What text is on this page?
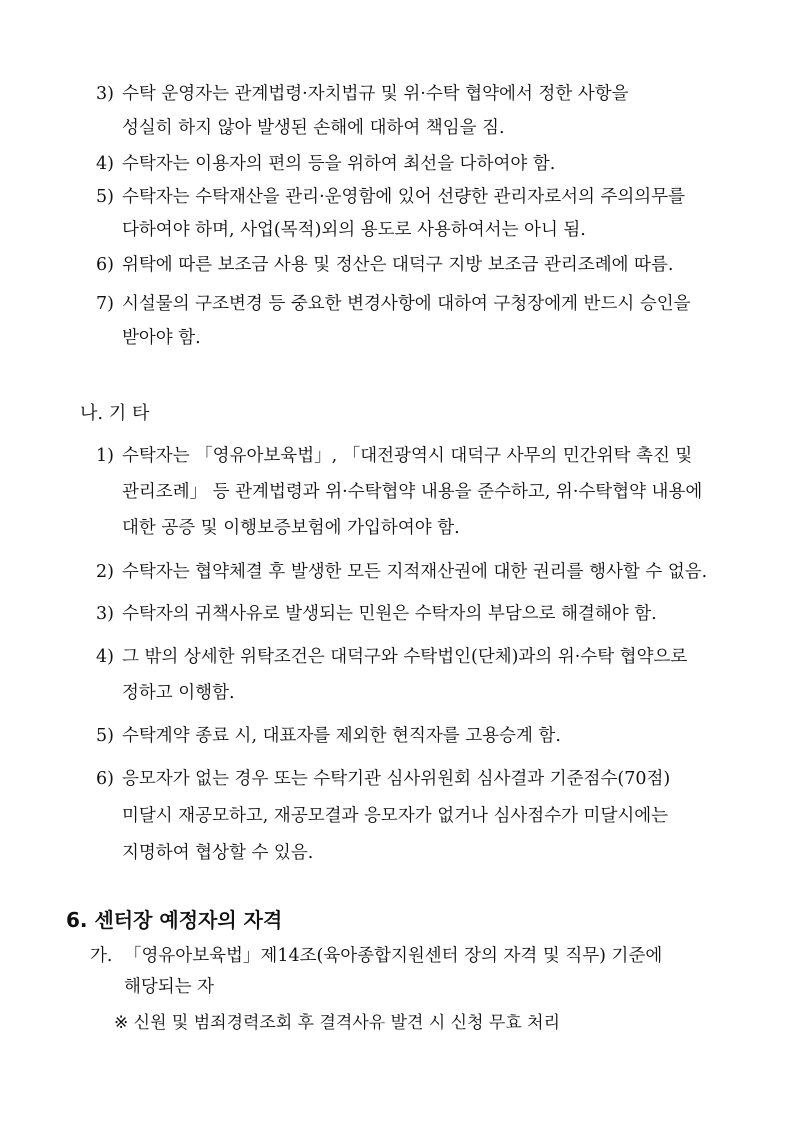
3) 수탁 운영자는 관계법령·자치법규 및 위·수탁 협약에서 정한 사항을
성실히 하지 않아 발생된 손해에 대하여 책임을 짐.
4) 수탁자는 이용자의 편의 등을 위하여 최선을 다하여야 함.
5) 수탁자는 수탁재산을 관리·운영함에 있어 선량한 관리자로서의 주의의무를
다하여야 하며, 사업(목적)외의 용도로 사용하여서는 아니 됨.
6) 위탁에 따른 보조금 사용 및 정산은 대덕구 지방 보조금 관리조례에 따름.
7) 시설물의 구조변경 등 중요한 변경사항에 대하여 구청장에게 반드시 승인을
받아야 함.
나. 기 타
1) 수탁자는 「영유아보육법」, 「대전광역시 대덕구 사무의 민간위탁 촉진 및
관리조례」 등 관계법령과 위·수탁협약 내용을 준수하고, 위·수탁협약 내용에
대한 공증 및 이행보증보험에 가입하여야 함.
2) 수탁자는 협약체결 후 발생한 모든 지적재산권에 대한 권리를 행사할 수 없음.
3) 수탁자의 귀책사유로 발생되는 민원은 수탁자의 부담으로 해결해야 함.
4) 그 밖의 상세한 위탁조건은 대덕구와 수탁법인(단체)과의 위·수탁 협약으로
정하고 이행함.
5) 수탁계약 종료 시, 대표자를 제외한 현직자를 고용승계 함.
6) 응모자가 없는 경우 또는 수탁기관 심사위원회 심사결과 기준점수(70점)
미달시 재공모하고, 재공모결과 응모자가 없거나 심사점수가 미달시에는
지명하여 협상할 수 있음.
6. 센터장 예정자의 자격
가. 「영유아보육법」제14조(육아종합지원센터 장의 자격 및 직무) 기준에
해당되는 자
※ 신원 및 범죄경력조회 후 결격사유 발견 시 신청 무효 처리
